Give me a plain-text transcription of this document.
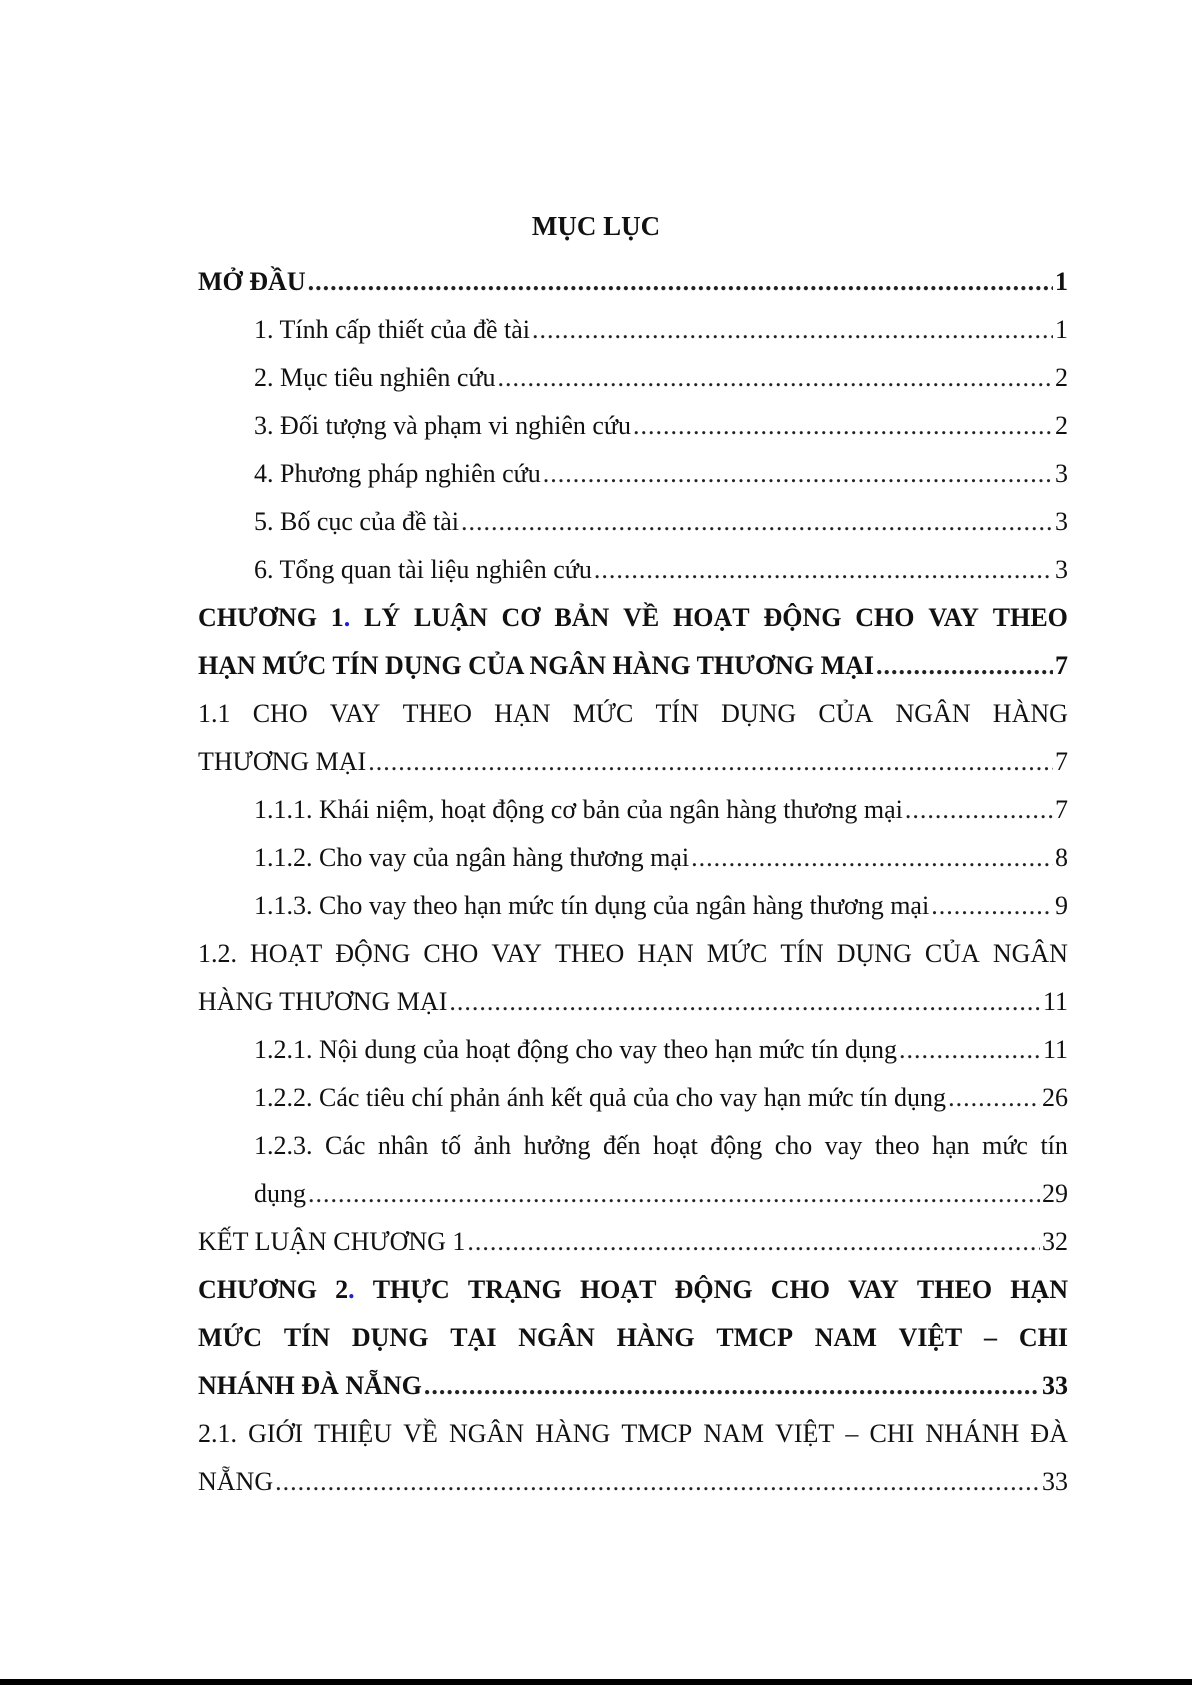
MỤC LỤC
MỞ ĐẦU .....	1
1. Tính cấp thiết của đề tài .....	1
2. Mục tiêu nghiên cứu .....	2
3. Đối tượng và phạm vi nghiên cứu .....	2
4. Phương pháp nghiên cứu .....	3
5. Bố cục của đề tài .....	3
6. Tổng quan tài liệu nghiên cứu .....	3
CHƯƠNG 1. LÝ LUẬN CƠ BẢN VỀ HOẠT ĐỘNG CHO VAY THEO
HẠN MỨC TÍN DỤNG CỦA NGÂN HÀNG THƯƠNG MẠI .....	7
1.1 CHO VAY THEO HẠN MỨC TÍN DỤNG CỦA NGÂN HÀNG
THƯƠNG MẠI .....	7
1.1.1. Khái niệm, hoạt động cơ bản của ngân hàng thương mại .....	7
1.1.2. Cho vay của ngân hàng thương mại .....	8
1.1.3. Cho vay theo hạn mức tín dụng của ngân hàng thương mại .....	9
1.2. HOẠT ĐỘNG CHO VAY THEO HẠN MỨC TÍN DỤNG CỦA NGÂN
HÀNG THƯƠNG MẠI .....	11
1.2.1. Nội dung của hoạt động cho vay theo hạn mức tín dụng .....	11
1.2.2. Các tiêu chí phản ánh kết quả của cho vay hạn mức tín dụng .....	26
1.2.3. Các nhân tố ảnh hưởng đến hoạt động cho vay theo hạn mức tín
dụng .....	29
KẾT LUẬN CHƯƠNG 1 .....	32
CHƯƠNG 2. THỰC TRẠNG HOẠT ĐỘNG CHO VAY THEO HẠN
MỨC TÍN DỤNG TẠI NGÂN HÀNG TMCP NAM VIỆT – CHI
NHÁNH ĐÀ NẴNG .....	33
2.1. GIỚI THIỆU VỀ NGÂN HÀNG TMCP NAM VIỆT – CHI NHÁNH ĐÀ
NẴNG .....	33
